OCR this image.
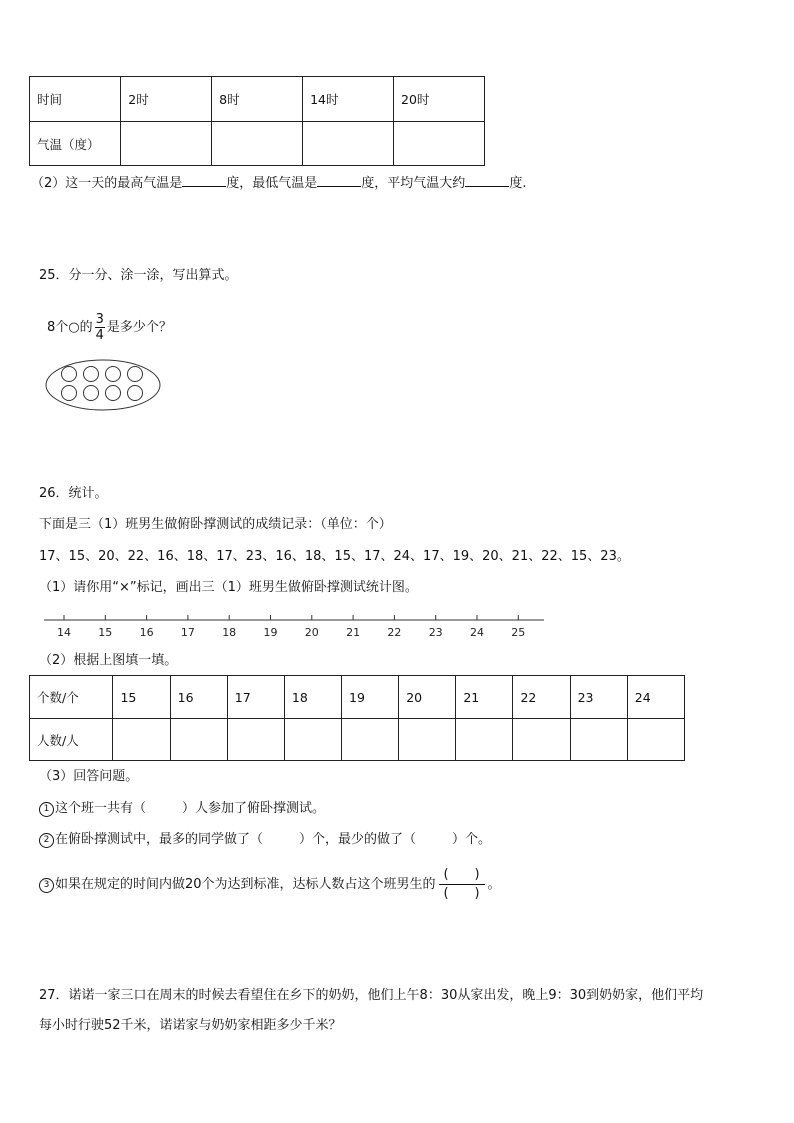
时间	2时	8时	14时	20时
气温（度）				
（2）这一天的最高气温是	度，最低气温是	度，平均气温大约	度.
25．分一分、涂一涂，写出算式。
8个○的 $\frac{3}{4}$ 是多少个？
26．统计。
下面是三（1）班男生做俯卧撑测试的成绩记录：（单位：个）
17、15、20、22、16、18、17、23、16、18、15、17、24、17、19、20、21、22、15、23。
（1）请你用“×”标记，画出三（1）班男生做俯卧撑测试统计图。
14 15 16 17 18 19 20 21 22 23 24 25
（2）根据上图填一填。
个数/个	15	16	17	18	19	20	21	22	23	24
人数/人										
（3）回答问题。
1 这个班一共有（	）人参加了俯卧撑测试。
2 在俯卧撑测试中，最多的同学做了（	）个，最少的做了（	）个。
3 如果在规定的时间内做20个为达到标准，达标人数占这个班男生的
(　　)
(　　)
。
27．诺诺一家三口在周末的时候去看望住在乡下的奶奶，他们上午8：30从家出发，晚上9：30到奶奶家，他们平均
每小时行驶52千米，诺诺家与奶奶家相距多少千米？
